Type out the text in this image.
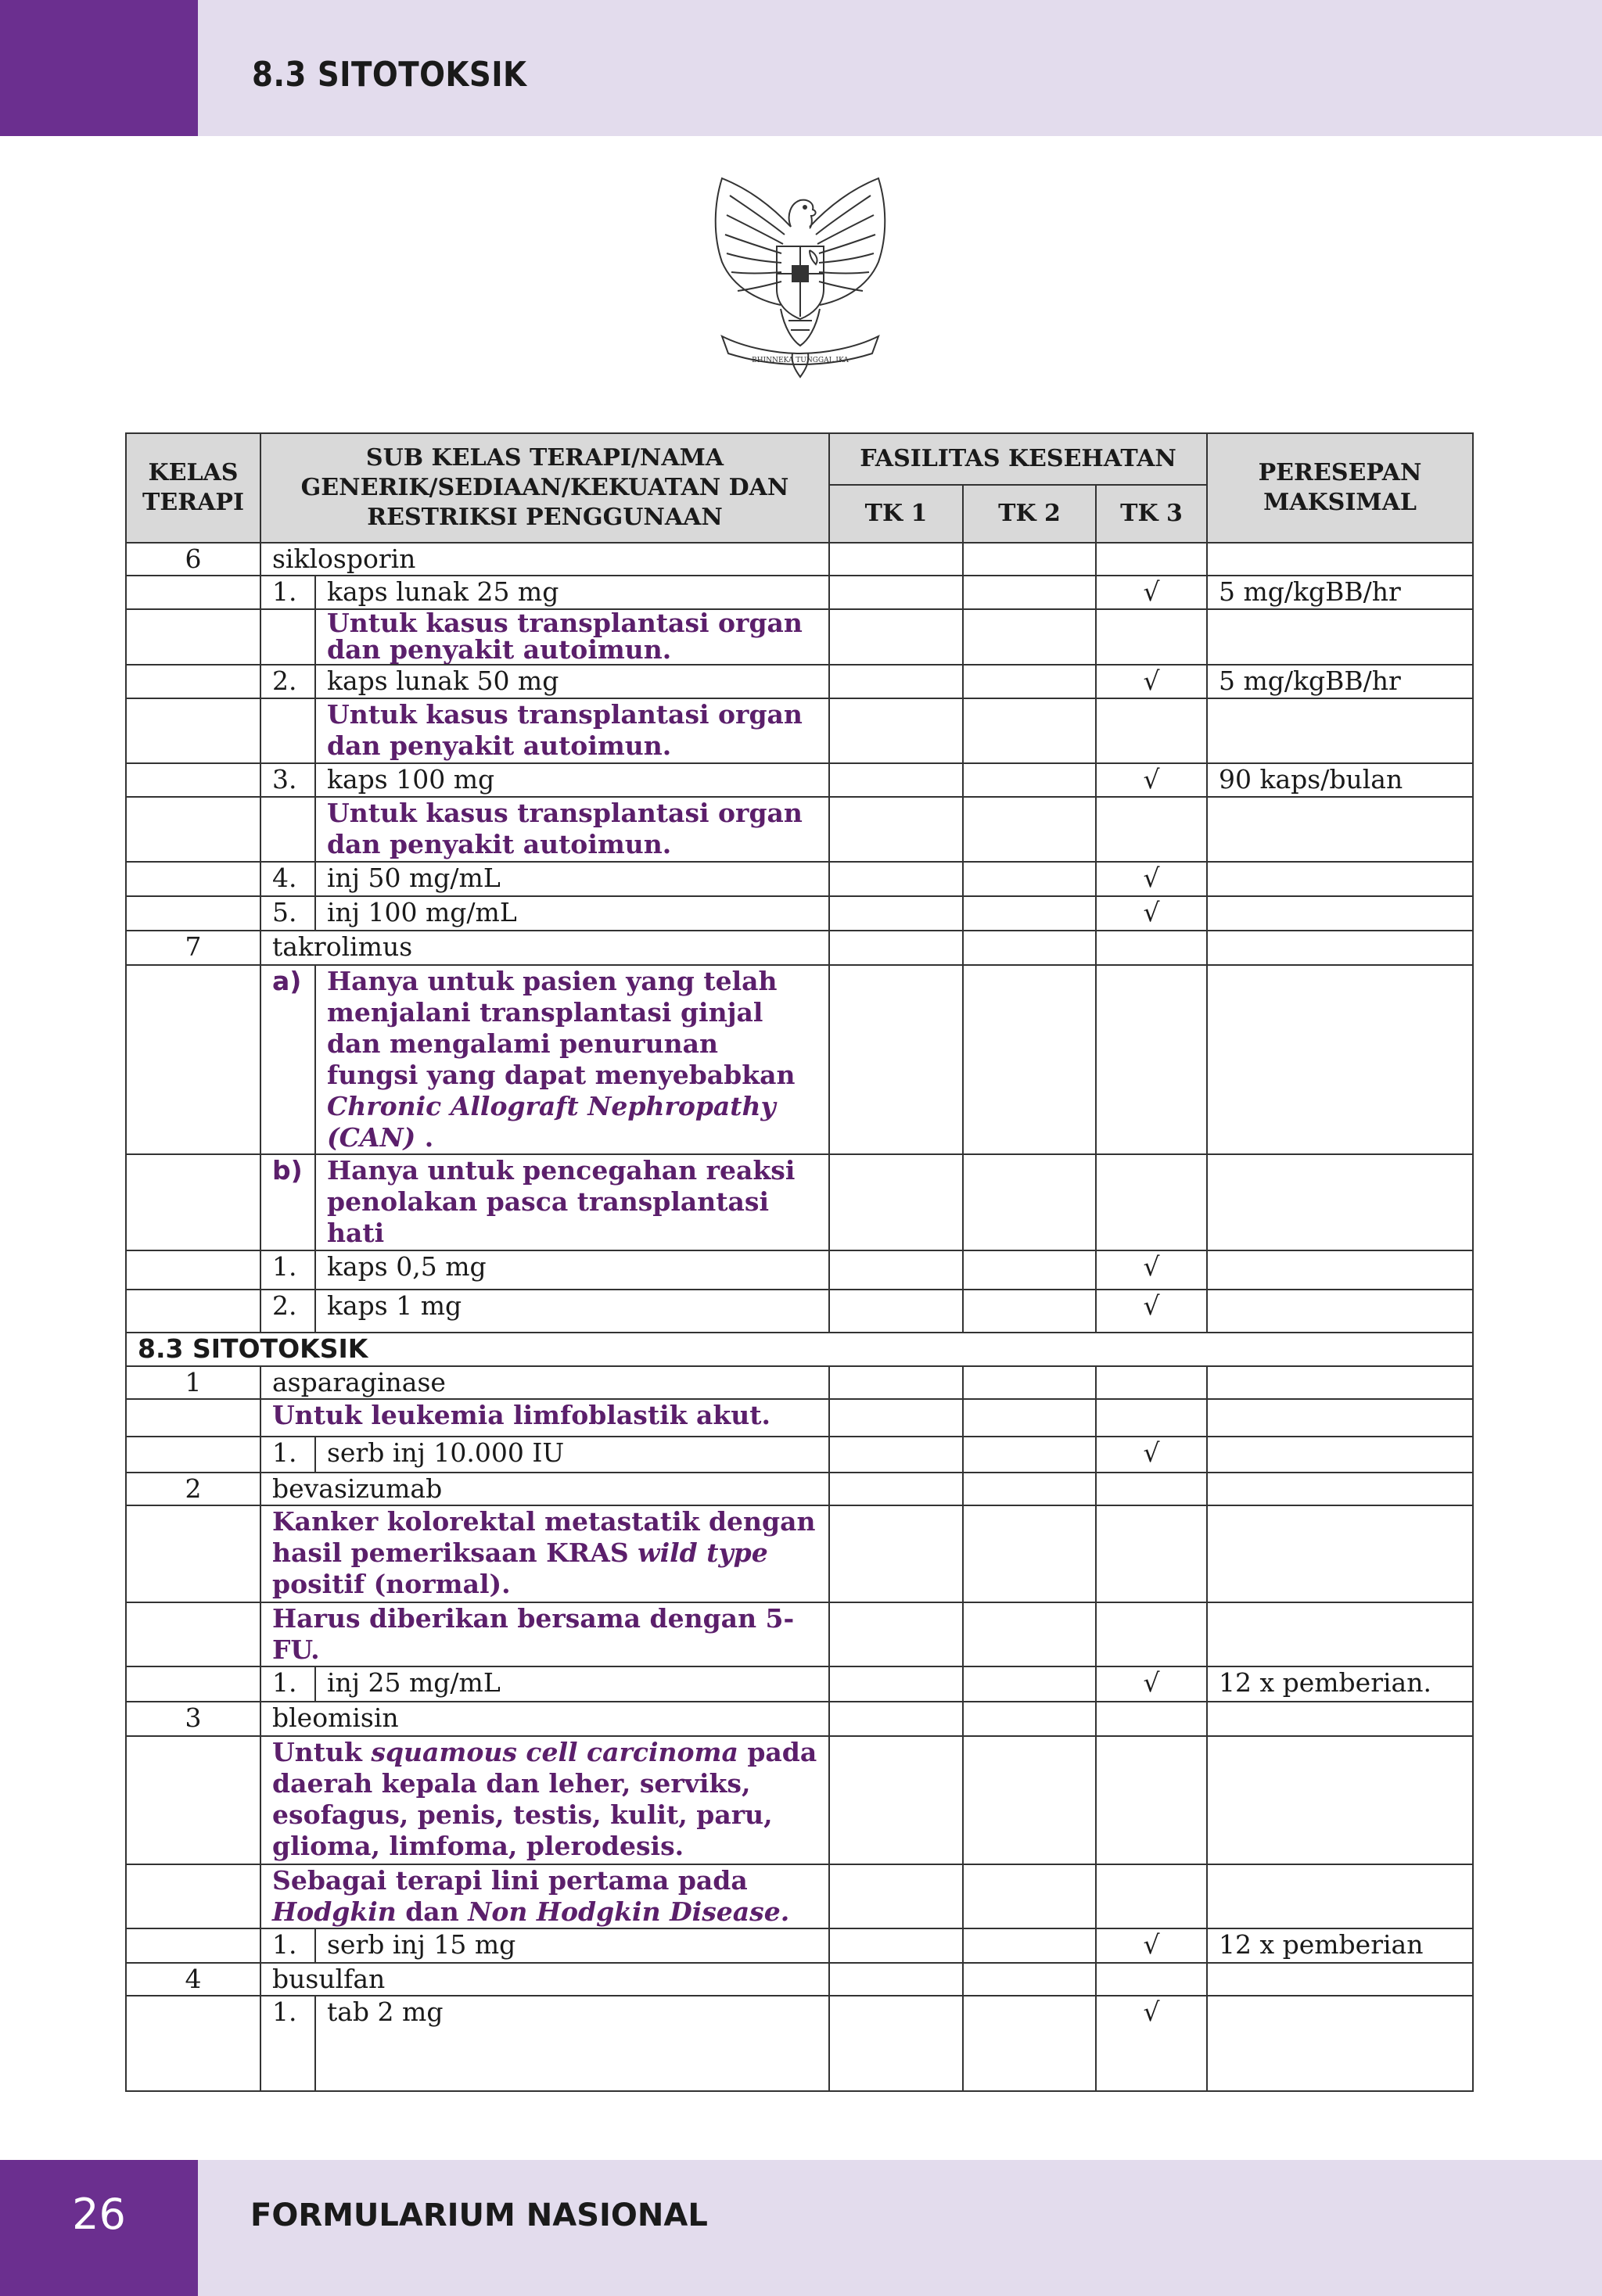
8.3 SITOTOKSIK
BHINNEKA TUNGGAL IKA
KELAS TERAPI	SUB KELAS TERAPI/NAMA GENERIK/SEDIAAN/KEKUATAN DAN RESTRIKSI PENGGUNAAN		FASILITAS KESEHATAN			PERESEPAN MAKSIMAL
			TK 1	TK 2	TK 3	
6	siklosporin					
	1.	kaps lunak 25 mg			√	5 mg/kgBB/hr
		Untuk kasus transplantasi organ dan penyakit autoimun.				
	2.	kaps lunak 50 mg			√	5 mg/kgBB/hr
		Untuk kasus transplantasi organ dan penyakit autoimun.				
	3.	kaps 100 mg			√	90 kaps/bulan
		Untuk kasus transplantasi organ dan penyakit autoimun.				
	4.	inj 50 mg/mL			√	
	5.	inj 100 mg/mL			√	
7	takrolimus					
	a)	Hanya untuk pasien yang telah menjalani transplantasi ginjal dan mengalami penurunan fungsi yang dapat menyebabkan Chronic Allograft Nephropathy (CAN) .				
	b)	Hanya untuk pencegahan reaksi penolakan pasca transplantasi hati				
	1.	kaps 0,5 mg			√	
	2.	kaps 1 mg			√	
8.3 SITOTOKSIK						
1	asparaginase					
	Untuk leukemia limfoblastik akut.					
	1.	serb inj 10.000 IU			√	
2	bevasizumab					
	Kanker kolorektal metastatik dengan hasil pemeriksaan KRAS wild type positif (normal).					
	Harus diberikan bersama dengan 5-FU.					
	1.	inj 25 mg/mL			√	12 x pemberian.
3	bleomisin					
	Untuk squamous cell carcinoma pada daerah kepala dan leher, serviks, esofagus, penis, testis, kulit, paru, glioma, limfoma, plerodesis.					
	Sebagai terapi lini pertama pada Hodgkin dan Non Hodgkin Disease.					
	1.	serb inj 15 mg			√	12 x pemberian
4	busulfan					
	1.	tab 2 mg			√	
26	FORMULARIUM NASIONAL
